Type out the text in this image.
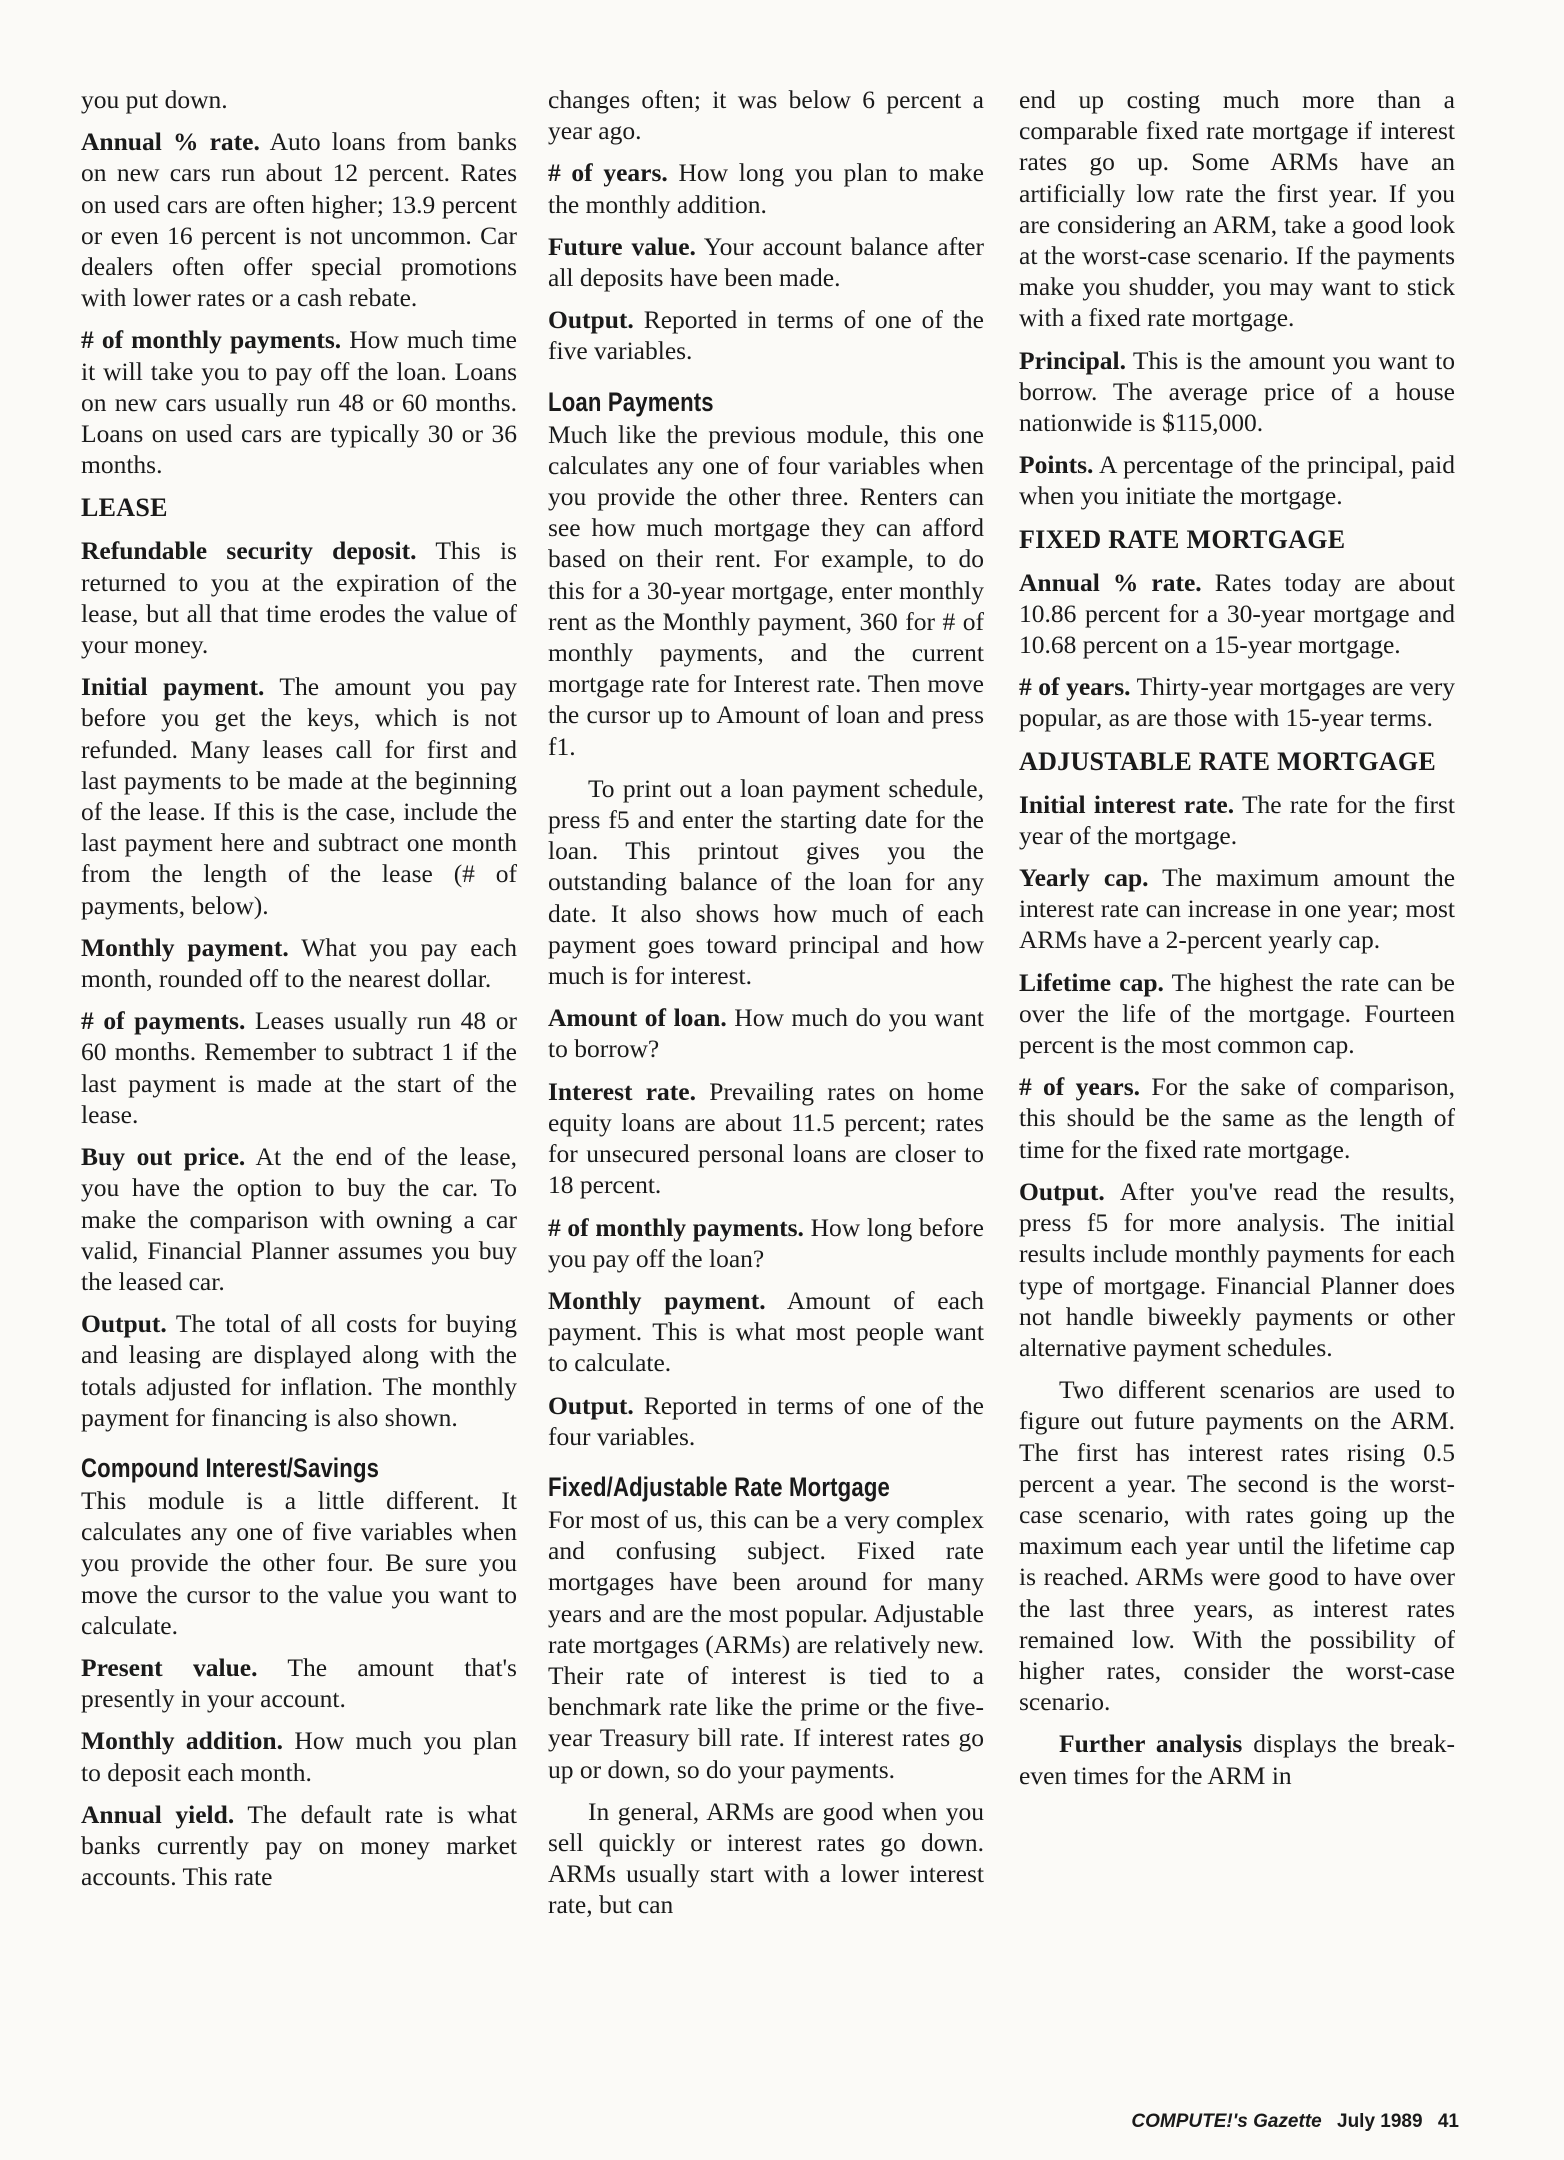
you put down.

Annual % rate. Auto loans from banks on new cars run about 12 percent. Rates on used cars are often higher; 13.9 percent or even 16 percent is not uncommon. Car dealers often offer special promotions with lower rates or a cash rebate.

# of monthly payments. How much time it will take you to pay off the loan. Loans on new cars usually run 48 or 60 months. Loans on used cars are typically 30 or 36 months.

LEASE

Refundable security deposit. This is returned to you at the expiration of the lease, but all that time erodes the value of your money.

Initial payment. The amount you pay before you get the keys, which is not refunded. Many leases call for first and last payments to be made at the beginning of the lease. If this is the case, include the last payment here and subtract one month from the length of the lease (# of payments, below).

Monthly payment. What you pay each month, rounded off to the nearest dollar.

# of payments. Leases usually run 48 or 60 months. Remember to subtract 1 if the last payment is made at the start of the lease.

Buy out price. At the end of the lease, you have the option to buy the car. To make the comparison with owning a car valid, Financial Planner assumes you buy the leased car.

Output. The total of all costs for buying and leasing are displayed along with the totals adjusted for inflation. The monthly payment for financing is also shown.

Compound Interest/Savings

This module is a little different. It calculates any one of five variables when you provide the other four. Be sure you move the cursor to the value you want to calculate.

Present value. The amount that's presently in your account.

Monthly addition. How much you plan to deposit each month.

Annual yield. The default rate is what banks currently pay on money market accounts. This rate

changes often; it was below 6 percent a year ago.

# of years. How long you plan to make the monthly addition.

Future value. Your account balance after all deposits have been made.

Output. Reported in terms of one of the five variables.

Loan Payments

Much like the previous module, this one calculates any one of four variables when you provide the other three. Renters can see how much mortgage they can afford based on their rent. For example, to do this for a 30-year mortgage, enter monthly rent as the Monthly payment, 360 for # of monthly payments, and the current mortgage rate for Interest rate. Then move the cursor up to Amount of loan and press f1.

To print out a loan payment schedule, press f5 and enter the starting date for the loan. This printout gives you the outstanding balance of the loan for any date. It also shows how much of each payment goes toward principal and how much is for interest.

Amount of loan. How much do you want to borrow?

Interest rate. Prevailing rates on home equity loans are about 11.5 percent; rates for unsecured personal loans are closer to 18 percent.

# of monthly payments. How long before you pay off the loan?

Monthly payment. Amount of each payment. This is what most people want to calculate.

Output. Reported in terms of one of the four variables.

Fixed/Adjustable Rate Mortgage

For most of us, this can be a very complex and confusing subject. Fixed rate mortgages have been around for many years and are the most popular. Adjustable rate mortgages (ARMs) are relatively new. Their rate of interest is tied to a benchmark rate like the prime or the five-year Treasury bill rate. If interest rates go up or down, so do your payments.

In general, ARMs are good when you sell quickly or interest rates go down. ARMs usually start with a lower interest rate, but can

end up costing much more than a comparable fixed rate mortgage if interest rates go up. Some ARMs have an artificially low rate the first year. If you are considering an ARM, take a good look at the worst-case scenario. If the payments make you shudder, you may want to stick with a fixed rate mortgage.

Principal. This is the amount you want to borrow. The average price of a house nationwide is $115,000.

Points. A percentage of the principal, paid when you initiate the mortgage.

FIXED RATE MORTGAGE

Annual % rate. Rates today are about 10.86 percent for a 30-year mortgage and 10.68 percent on a 15-year mortgage.

# of years. Thirty-year mortgages are very popular, as are those with 15-year terms.

ADJUSTABLE RATE MORTGAGE

Initial interest rate. The rate for the first year of the mortgage.

Yearly cap. The maximum amount the interest rate can increase in one year; most ARMs have a 2-percent yearly cap.

Lifetime cap. The highest the rate can be over the life of the mortgage. Fourteen percent is the most common cap.

# of years. For the sake of comparison, this should be the same as the length of time for the fixed rate mortgage.

Output. After you've read the results, press f5 for more analysis. The initial results include monthly payments for each type of mortgage. Financial Planner does not handle biweekly payments or other alternative payment schedules.

Two different scenarios are used to figure out future payments on the ARM. The first has interest rates rising 0.5 percent a year. The second is the worst-case scenario, with rates going up the maximum each year until the lifetime cap is reached. ARMs were good to have over the last three years, as interest rates remained low. With the possibility of higher rates, consider the worst-case scenario.

Further analysis displays the break-even times for the ARM in

COMPUTE!'s Gazette July 1989 41
